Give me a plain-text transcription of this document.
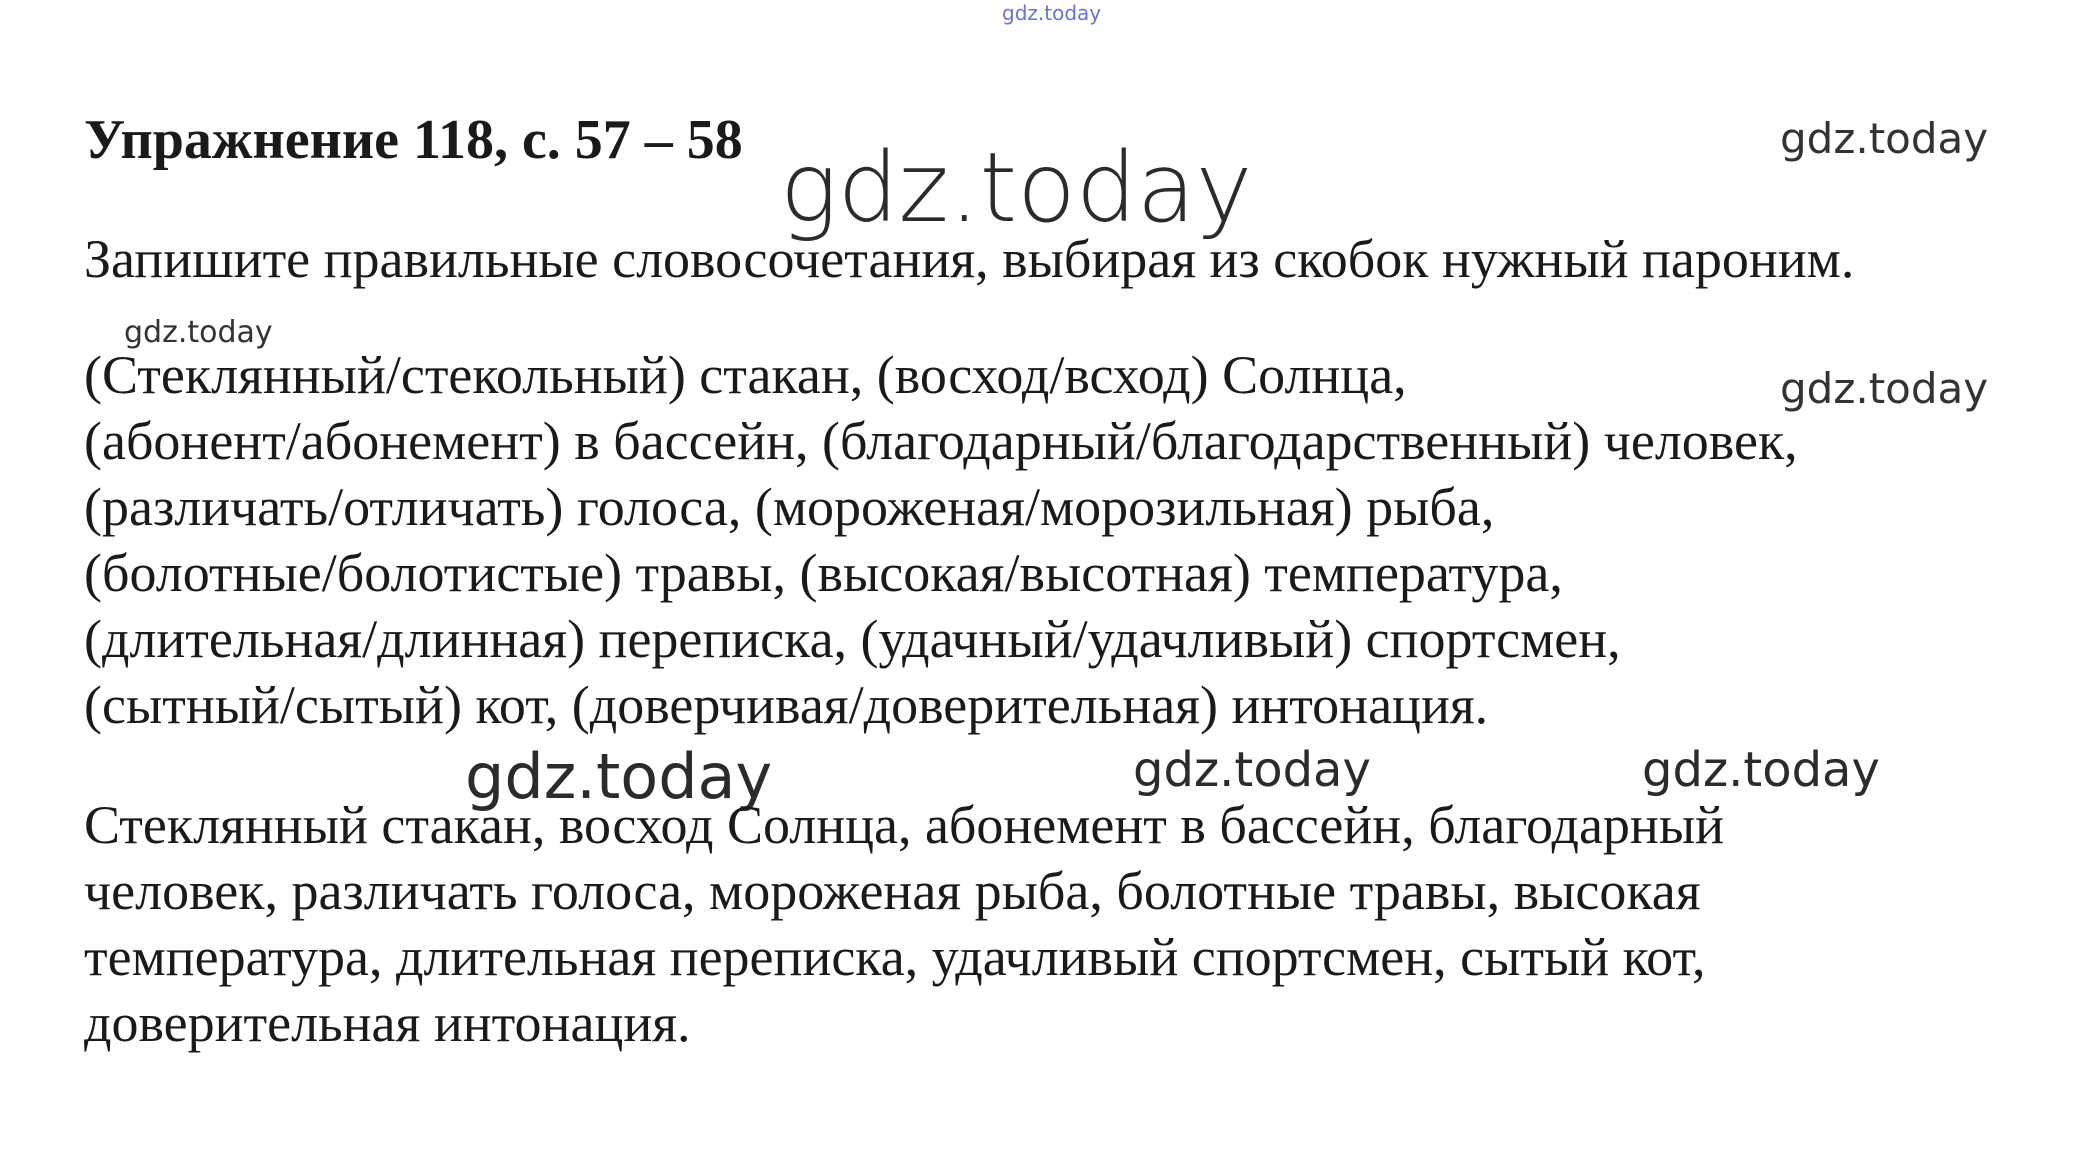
gdz.today
Упражнение 118, с. 57 – 58 gdz.today	gdz.today

Запишите правильные словосочетания, выбирая из скобок нужный пароним.

gdz.today
gdz.today
(Стеклянный/стекольный) стакан, (восход/всход) Солнца,
(абонент/абонемент) в бассейн, (благодарный/благодарственный) человек,
(различать/отличать) голоса, (мороженая/морозильная) рыба,
(болотные/болотистые) травы, (высокая/высотная) температура,
(длительная/длинная) переписка, (удачный/удачливый) спортсмен,
(сытный/сытый) кот, (доверчивая/доверительная) интонация.
gdz.today	gdz.today	gdz.today
Стеклянный стакан, восход Солнца, абонемент в бассейн, благодарный
человек, различать голоса, мороженая рыба, болотные травы, высокая
температура, длительная переписка, удачливый спортсмен, сытый кот,
доверительная интонация.
